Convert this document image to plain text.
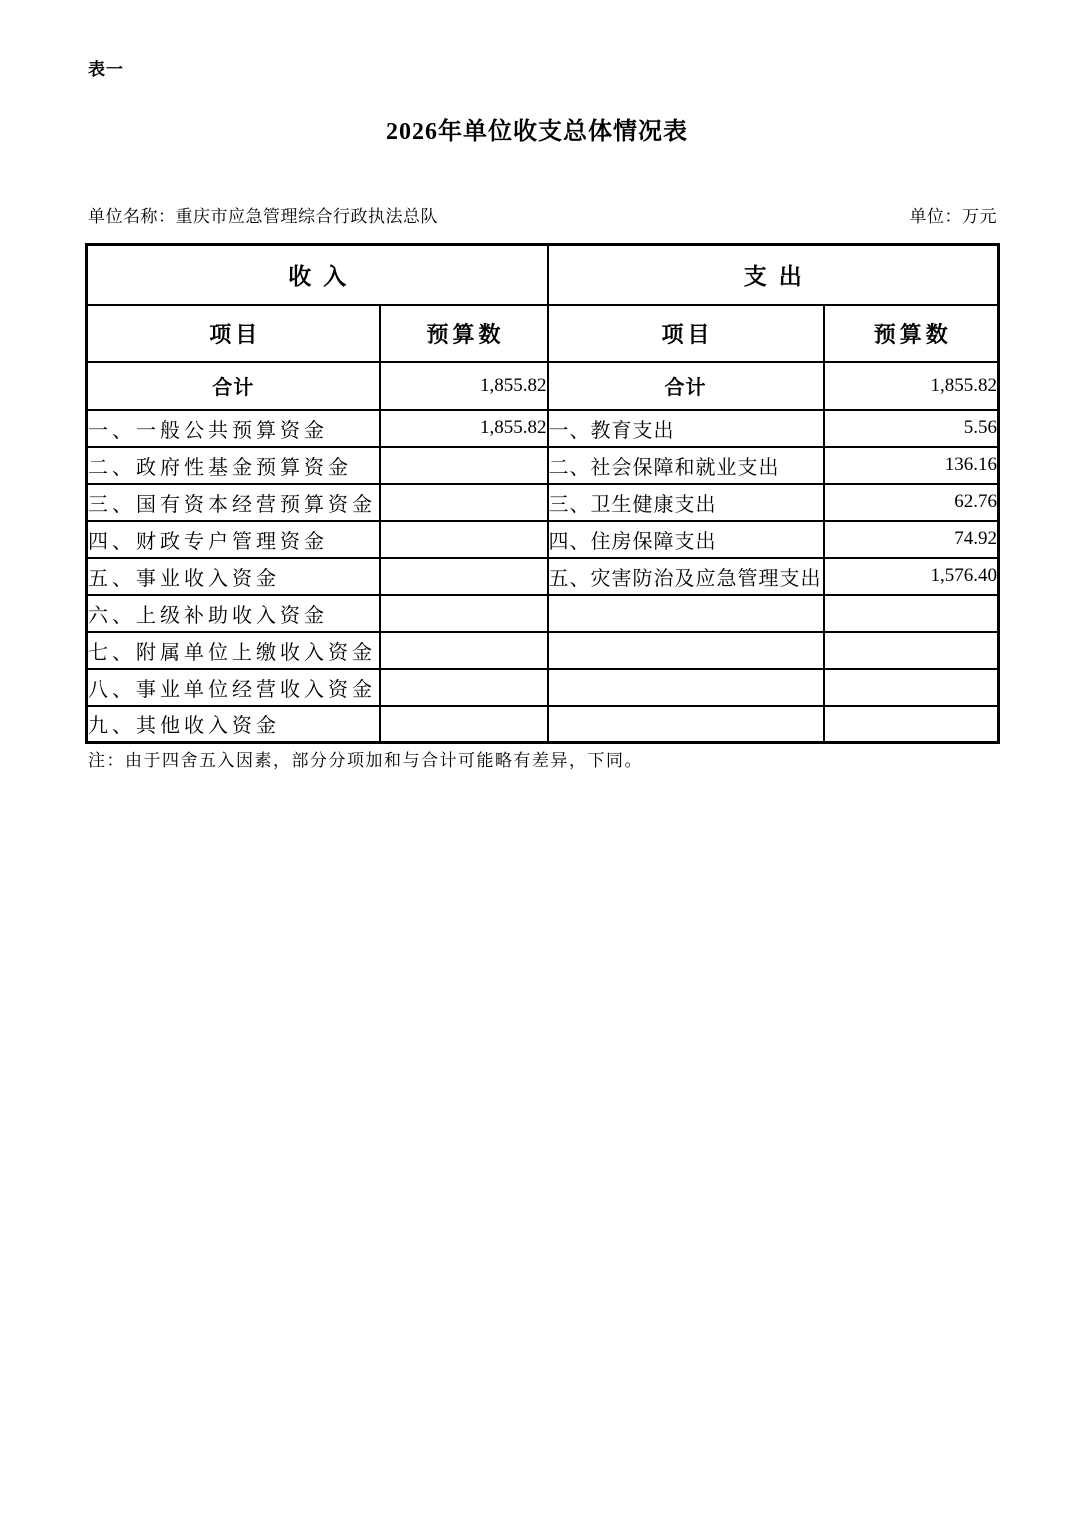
表一
2026年单位收支总体情况表
单位名称：重庆市应急管理综合行政执法总队	单位：万元
收入		支出	
项目	预算数	项目	预算数
合计	1,855.82	合计	1,855.82
一、一般公共预算资金	1,855.82	一、教育支出	5.56
二、政府性基金预算资金		二、社会保障和就业支出	136.16
三、国有资本经营预算资金		三、卫生健康支出	62.76
四、财政专户管理资金		四、住房保障支出	74.92
五、事业收入资金		五、灾害防治及应急管理支出	1,576.40
六、上级补助收入资金			
七、附属单位上缴收入资金			
八、事业单位经营收入资金			
九、其他收入资金			
注：由于四舍五入因素，部分分项加和与合计可能略有差异，下同。
